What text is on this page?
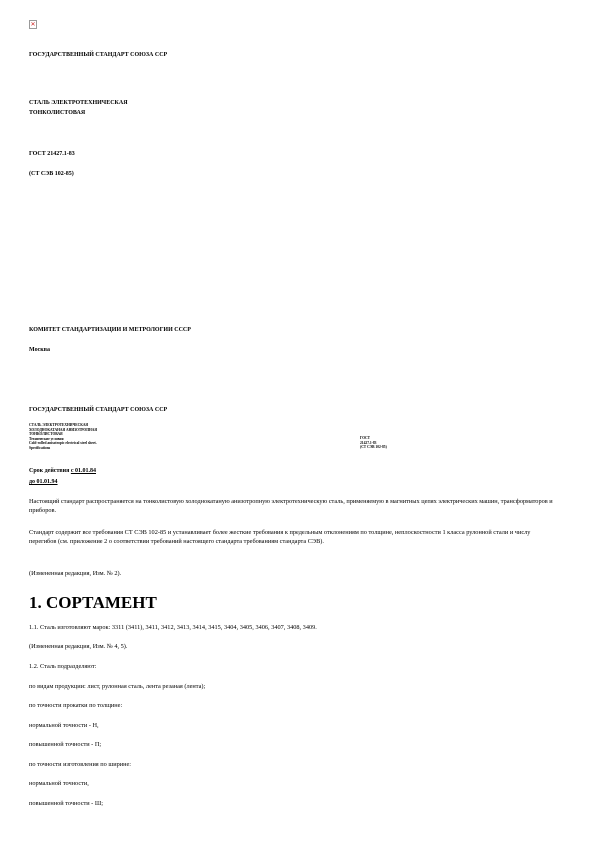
✕
ГОСУДАРСТВЕННЫЙ СТАНДАРТ СОЮЗА ССР
СТАЛЬ ЭЛЕКТРОТЕХНИЧЕСКАЯ
ТОНКОЛИСТОВАЯ
ГОСТ 21427.1-83
(СТ СЭВ 102-85)
КОМИТЕТ СТАНДАРТИЗАЦИИ И МЕТРОЛОГИИ СССР
Москва
ГОСУДАРСТВЕННЫЙ СТАНДАРТ СОЮЗА ССР
СТАЛЬ ЭЛЕКТРОТЕХНИЧЕСКАЯ
ХОЛОДНОКАТАНАЯ АНИЗОТРОПНАЯ
ТОНКОЛИСТОВАЯ
Технические условия
Cold-rolled anisotropic electrical steel sheet.
Specifications
ГОСТ
21427.1-83
(СТ СЭВ 102-85)
Срок действия с 01.01.84
до 01.01.94
Настоящий стандарт распространяется на тонколистовую холоднокатаную анизотропную электротехническую сталь, применяемую в магнитных цепях электрических машин, трансформаторов и приборов.
Стандарт содержит все требования СТ СЭВ 102-85 и устанавливает более жесткие требования к предельным отклонениям по толщине, неплоскостности 1 класса рулонной стали и числу перегибов (см. приложение 2 о соответствии требований настоящего стандарта требованиям стандарта СЭВ).
(Измененная редакция, Изм. № 2).
1. СОРТАМЕНТ
1.1. Сталь изготовляют марок: 3311 (3411), 3411, 3412, 3413, 3414, 3415, 3404, 3405, 3406, 3407, 3408, 3409.
(Измененная редакция, Изм. № 4, 5).
1.2. Сталь подразделяют:
по видам продукции: лист, рулонная сталь, лента резаная (лента);
по точности прокатки по толщине:
нормальной точности - Н,
повышенной точности - П;
по точности изготовления по ширине:
нормальной точности,
повышенной точности - Ш;
